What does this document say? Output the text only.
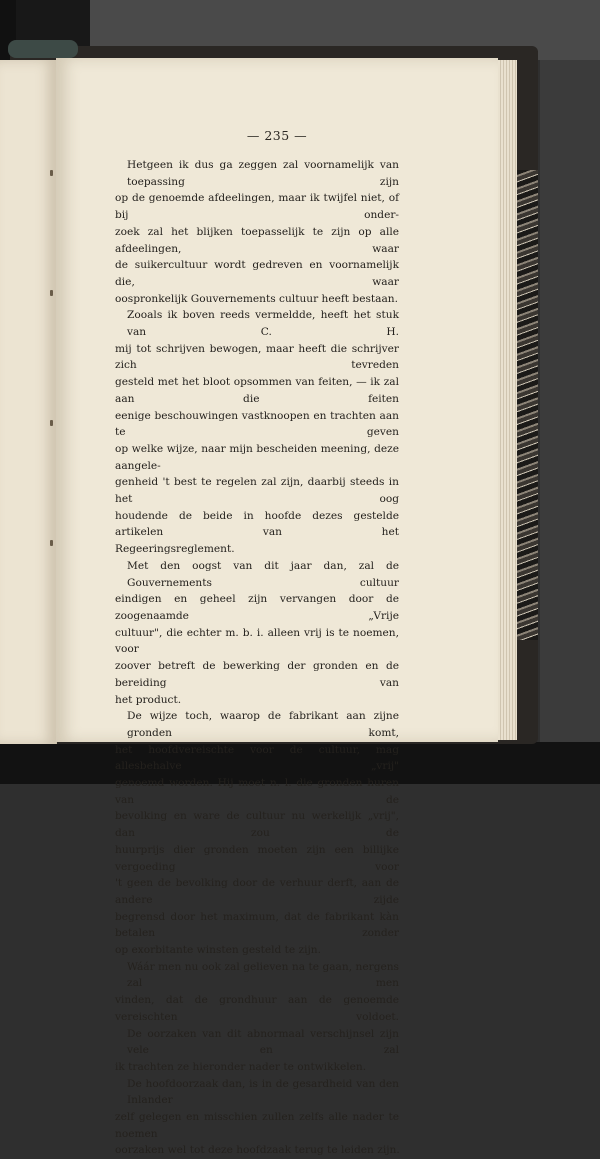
— 235 —
Hetgeen ik dus ga zeggen zal voornamelijk van toepassing zijn
op de genoemde afdeelingen, maar ik twijfel niet, of bij onder-
zoek zal het blijken toepasselijk te zijn op alle afdeelingen, waar
de suikercultuur wordt gedreven en voornamelijk die, waar
oospronkelijk Gouvernements cultuur heeft bestaan.
Zooals ik boven reeds vermeldde, heeft het stuk van C. H.
mij tot schrijven bewogen, maar heeft die schrijver zich tevreden
gesteld met het bloot opsommen van feiten, — ik zal aan die feiten
eenige beschouwingen vastknoopen en trachten aan te geven
op welke wijze, naar mijn bescheiden meening, deze aangele-
genheid 't best te regelen zal zijn, daarbij steeds in het oog
houdende de beide in hoofde dezes gestelde artikelen van het
Regeeringsreglement.
Met den oogst van dit jaar dan, zal de Gouvernements cultuur
eindigen en geheel zijn vervangen door de zoogenaamde „Vrije
cultuur", die echter m. b. i. alleen vrij is te noemen, voor
zoover betreft de bewerking der gronden en de bereiding van
het product.
De wijze toch, waarop de fabrikant aan zijne gronden komt,
het hoofdvereischte voor de cultuur, mag allesbehalve „vrij"
genoemd worden. Hij moet n. l. die gronden huren van de
bevolking en ware de cultuur nu werkelijk „vrij", dan zou de
huurprijs dier gronden moeten zijn een billijke vergoeding voor
't geen de bevolking door de verhuur derft, aan de andere zijde
begrensd door het maximum, dat de fabrikant kàn betalen zonder
op exorbitante winsten gesteld te zijn.
Wáár men nu ook zal gelieven na te gaan, nergens zal men
vinden, dat de grondhuur aan de genoemde vereischten voldoet.
De oorzaken van dit abnormaal verschijnsel zijn vele en zal
ik trachten ze hieronder nader te ontwikkelen.
De hoofdoorzaak dan, is in de gesardheid van den Inlander
zelf gelegen en misschien zullen zelfs alle nader te noemen
oorzaken wel tot deze hoofdzaak terug te leiden zijn.
